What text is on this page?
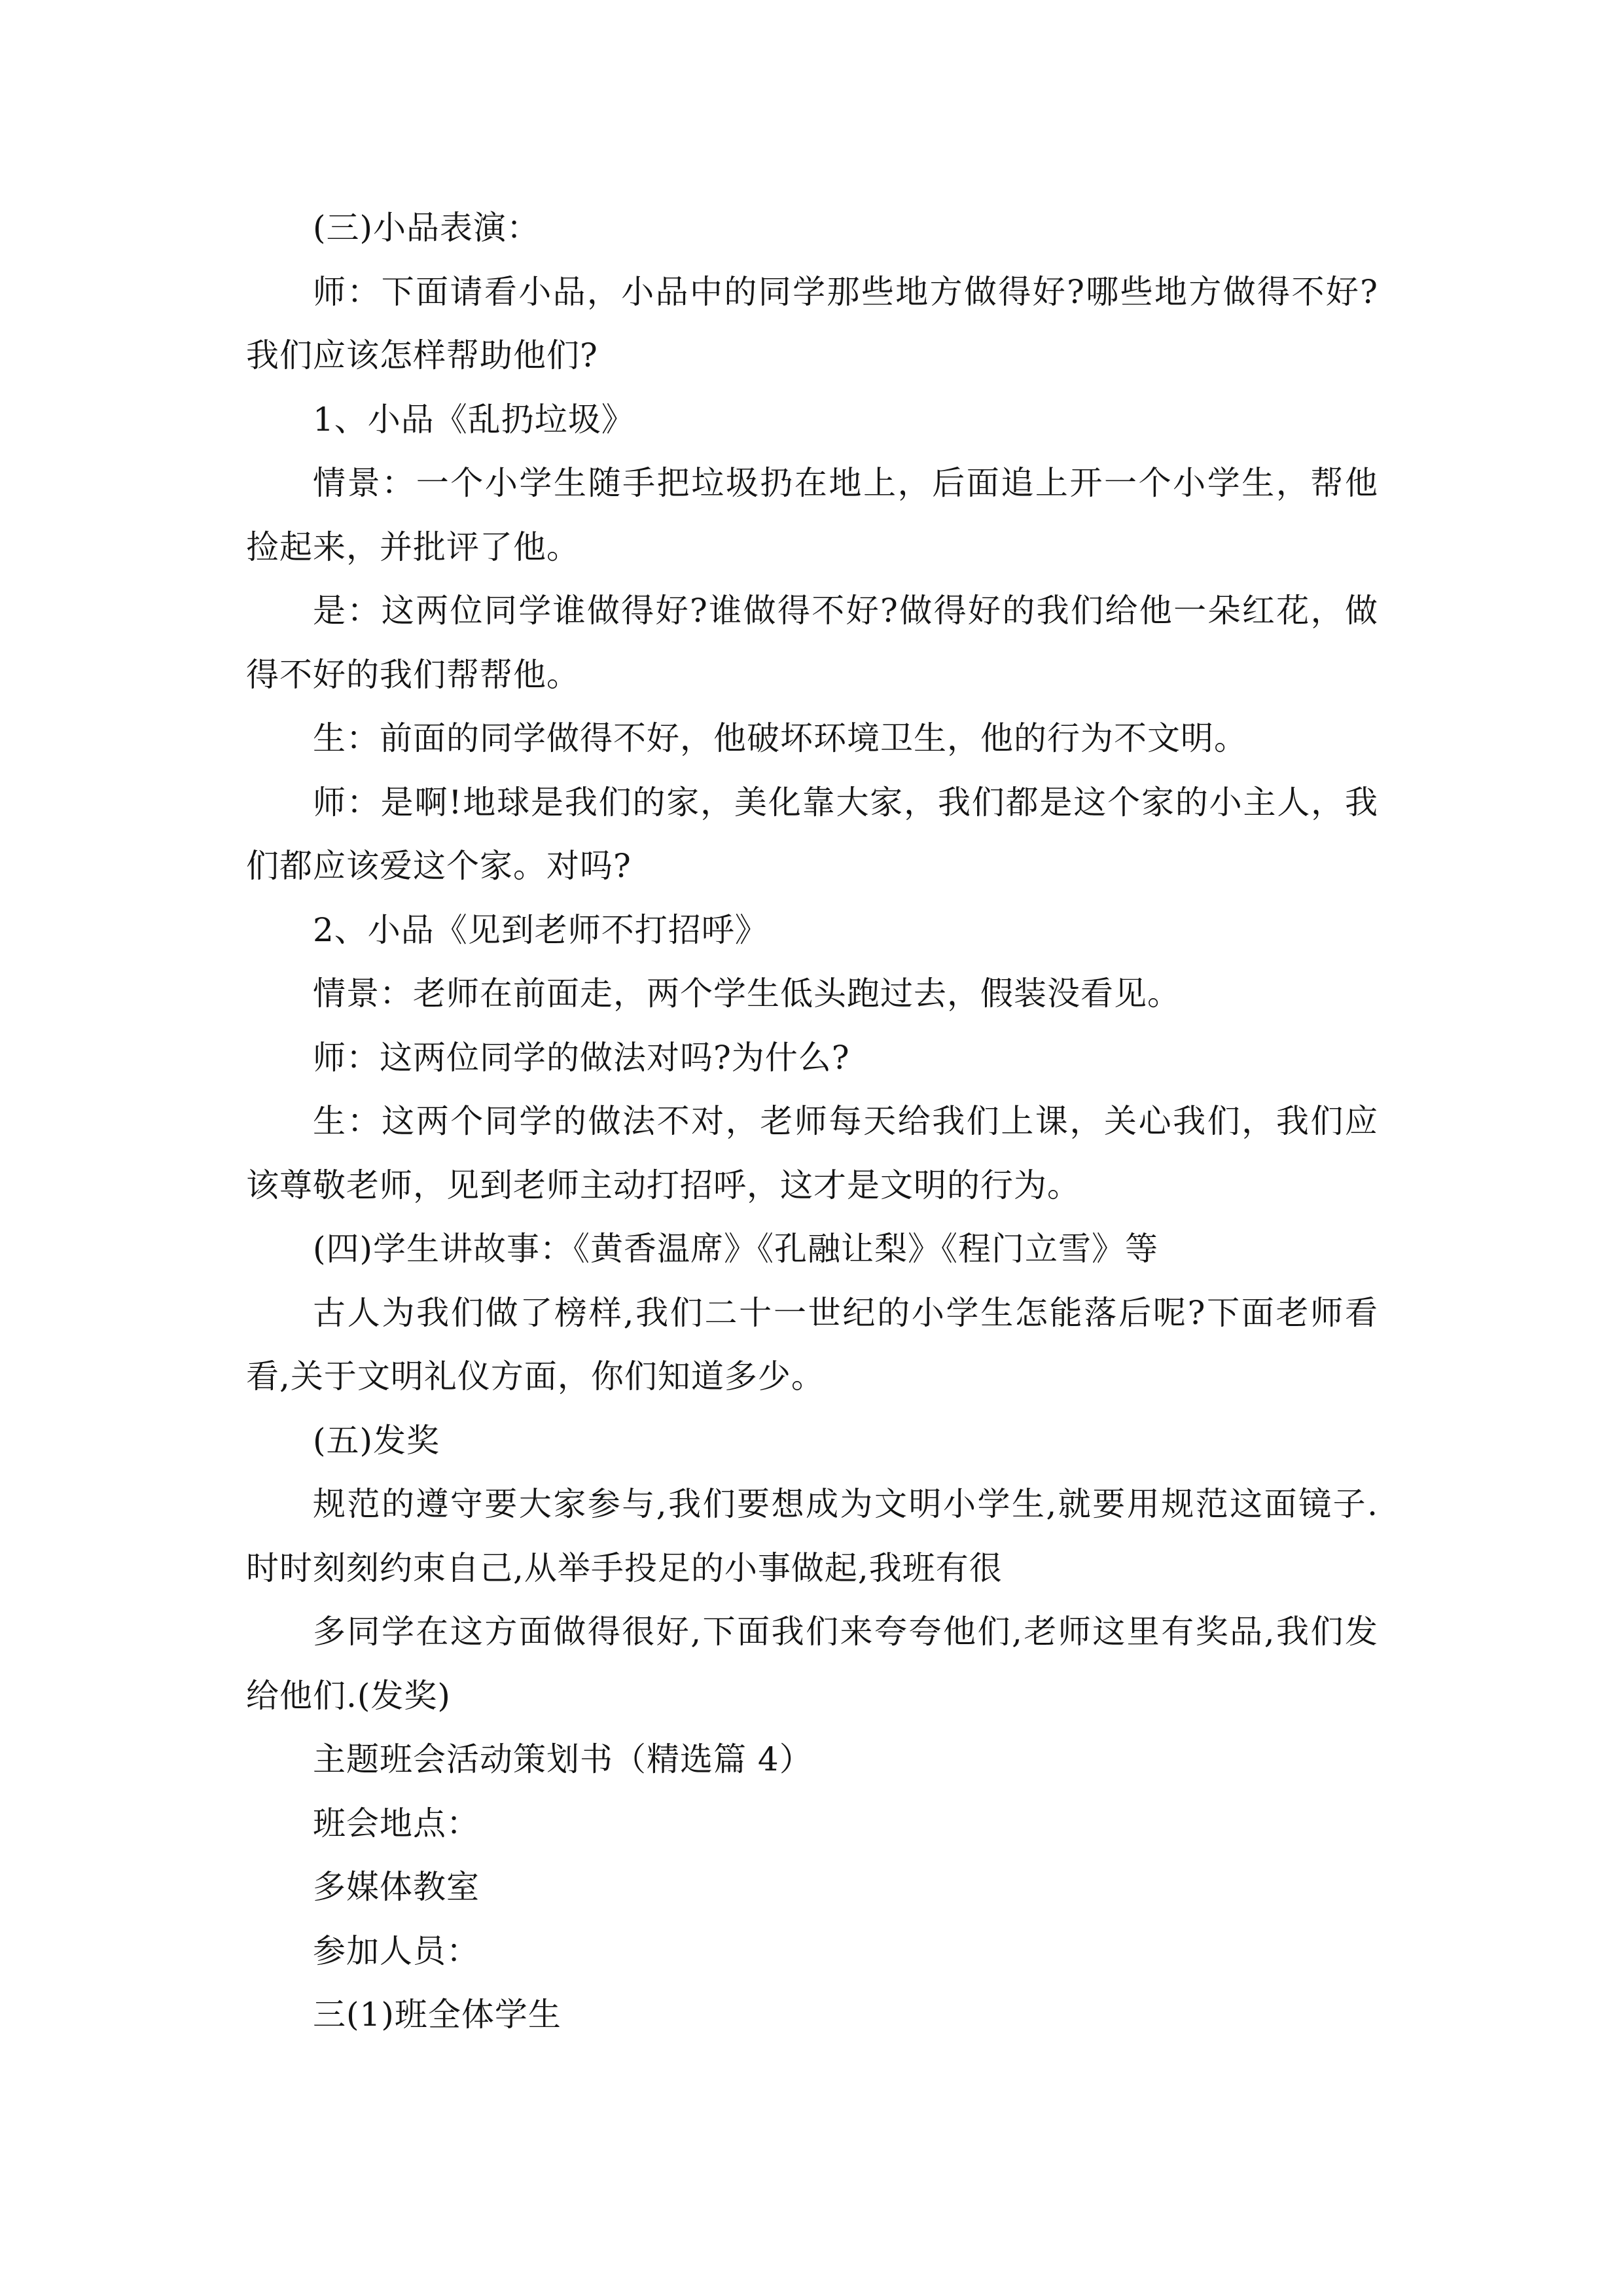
(三)小品表演：

师：下面请看小品，小品中的同学那些地方做得好?哪些地方做得不好?我们应该怎样帮助他们?

1、小品《乱扔垃圾》

情景：一个小学生随手把垃圾扔在地上，后面追上开一个小学生，帮他捡起来，并批评了他。

是：这两位同学谁做得好?谁做得不好?做得好的我们给他一朵红花，做得不好的我们帮帮他。

生：前面的同学做得不好，他破坏环境卫生，他的行为不文明。

师：是啊!地球是我们的家，美化靠大家，我们都是这个家的小主人，我们都应该爱这个家。对吗?

2、小品《见到老师不打招呼》

情景：老师在前面走，两个学生低头跑过去，假装没看见。

师：这两位同学的做法对吗?为什么?

生：这两个同学的做法不对，老师每天给我们上课，关心我们，我们应该尊敬老师，见到老师主动打招呼，这才是文明的行为。

(四)学生讲故事：《黄香温席》《孔融让梨》《程门立雪》等

古人为我们做了榜样,我们二十一世纪的小学生怎能落后呢?下面老师看看,关于文明礼仪方面，你们知道多少。

(五)发奖

规范的遵守要大家参与,我们要想成为文明小学生,就要用规范这面镜子.时时刻刻约束自己,从举手投足的小事做起,我班有很

多同学在这方面做得很好,下面我们来夸夸他们,老师这里有奖品,我们发给他们.(发奖)

主题班会活动策划书（精选篇 4）

班会地点：

多媒体教室

参加人员：

三(1)班全体学生
